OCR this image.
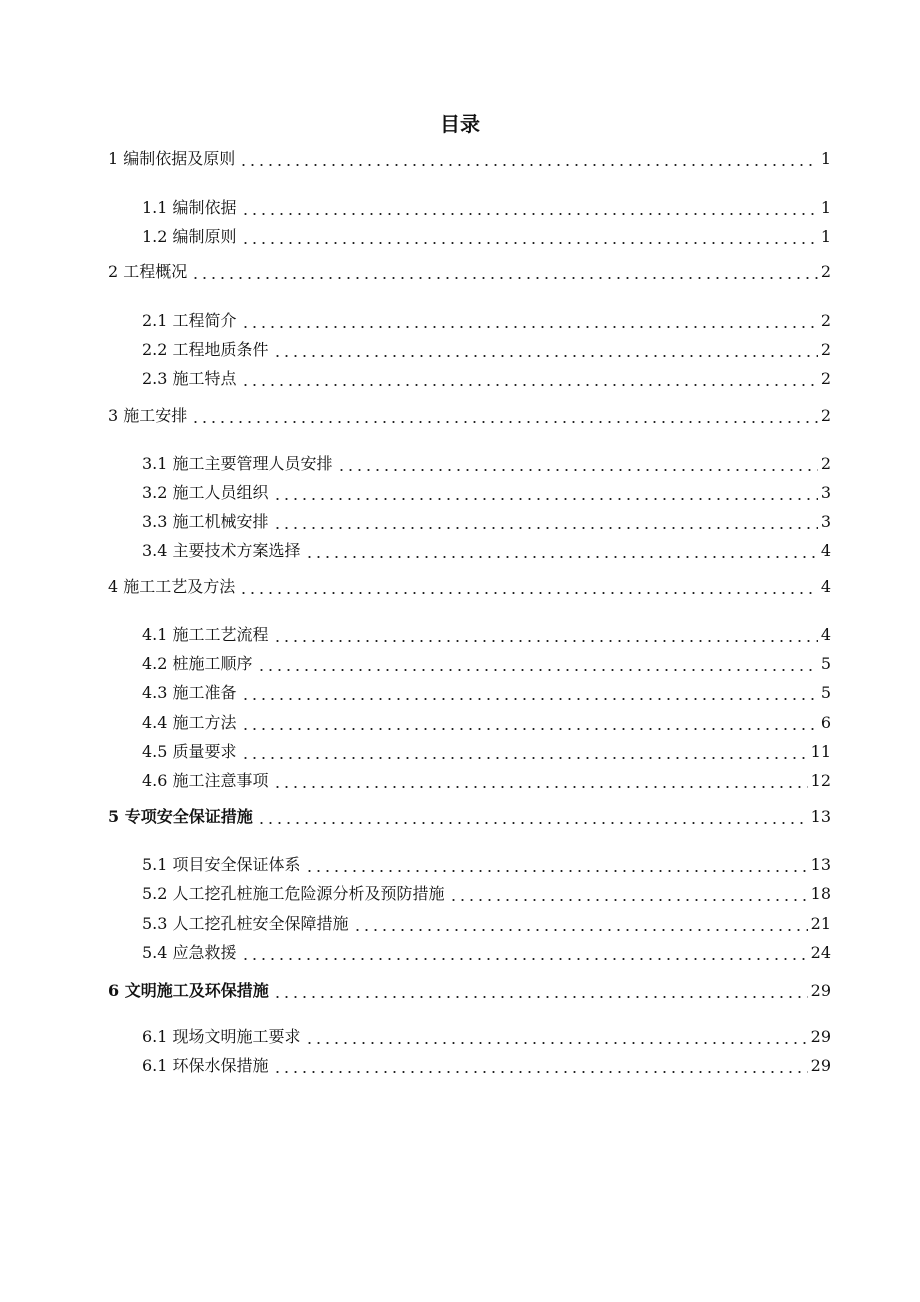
目录
1 编制依据及原则	1
1.1 编制依据	1
1.2 编制原则	1
2 工程概况	2
2.1 工程简介	2
2.2 工程地质条件	2
2.3 施工特点	2
3 施工安排	2
3.1 施工主要管理人员安排	2
3.2 施工人员组织	3
3.3 施工机械安排	3
3.4 主要技术方案选择	4
4 施工工艺及方法	4
4.1 施工工艺流程	4
4.2 桩施工顺序	5
4.3 施工准备	5
4.4 施工方法	6
4.5 质量要求	11
4.6 施工注意事项	12
5 专项安全保证措施	13
5.1 项目安全保证体系	13
5.2 人工挖孔桩施工危险源分析及预防措施	18
5.3 人工挖孔桩安全保障措施	21
5.4 应急救援	24
6 文明施工及环保措施	29
6.1 现场文明施工要求	29
6.1 环保水保措施	29
